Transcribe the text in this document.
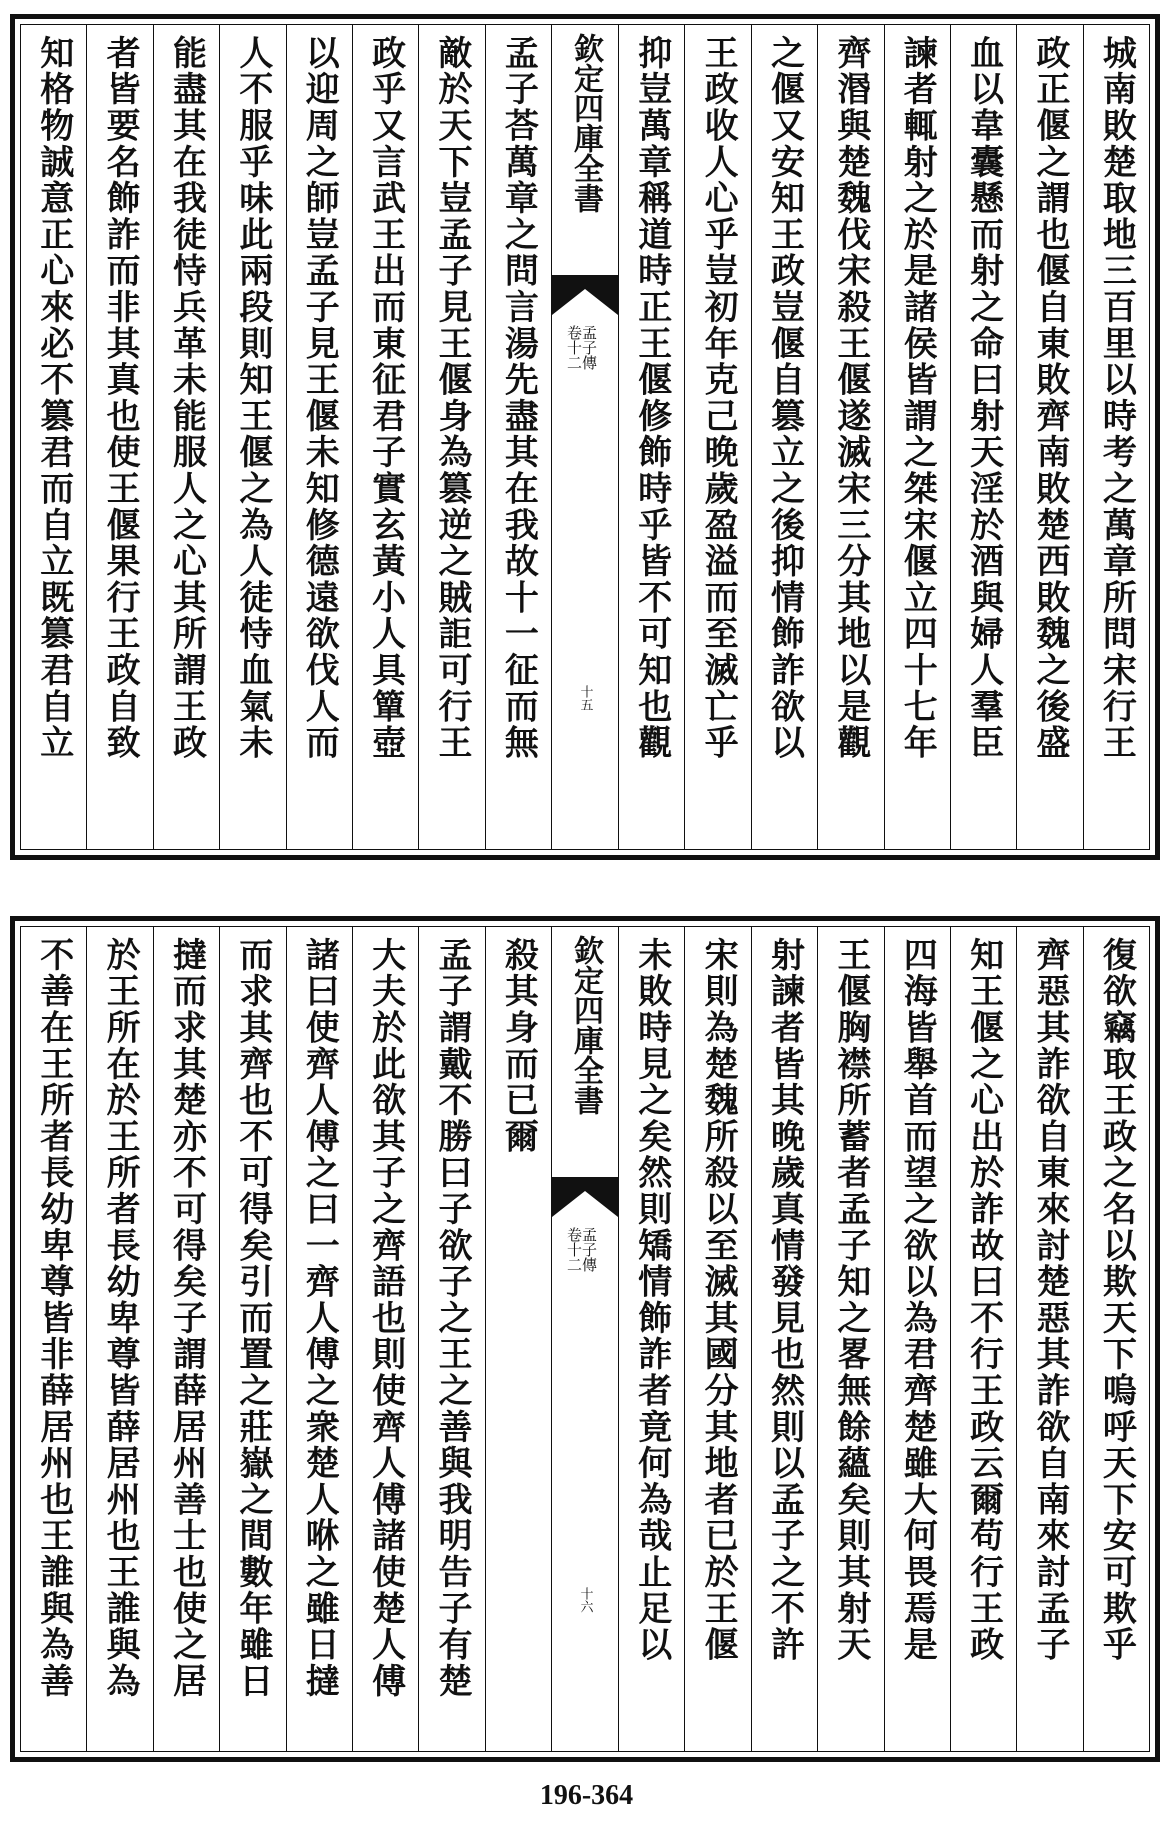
城南敗楚取地三百里以時考之萬章所問宋行王
政正偃之謂也偃自東敗齊南敗楚西敗魏之後盛
血以韋囊懸而射之命曰射天淫於酒與婦人羣臣
諫者輒射之於是諸侯皆謂之桀宋偃立四十七年
齊湣與楚魏伐宋殺王偃遂滅宋三分其地以是觀
之偃又安知王政豈偃自篡立之後抑情飾詐欲以
王政收人心乎豈初年克己晚歲盈溢而至滅亡乎
抑豈萬章稱道時正王偃修飾時乎皆不可知也觀
欽定四庫全書
孟子傳
卷十二
十五
孟子荅萬章之問言湯先盡其在我故十一征而無
敵於天下豈孟子見王偃身為篡逆之賊詎可行王
政乎又言武王出而東征君子實玄黃小人具簞壺
以迎周之師豈孟子見王偃未知修德遠欲伐人而
人不服乎味此兩段則知王偃之為人徒恃血氣未
能盡其在我徒恃兵革未能服人之心其所謂王政
者皆要名飾詐而非其真也使王偃果行王政自致
知格物誠意正心來必不篡君而自立既篡君自立
復欲竊取王政之名以欺天下嗚呼天下安可欺乎
齊惡其詐欲自東來討楚惡其詐欲自南來討孟子
知王偃之心出於詐故曰不行王政云爾苟行王政
四海皆舉首而望之欲以為君齊楚雖大何畏焉是
王偃胸襟所蓄者孟子知之畧無餘蘊矣則其射天
射諫者皆其晚歲真情發見也然則以孟子之不許
宋則為楚魏所殺以至滅其國分其地者已於王偃
未敗時見之矣然則矯情飾詐者竟何為哉止足以
欽定四庫全書
孟子傳
卷十二
十六
殺其身而已爾
孟子謂戴不勝曰子欲子之王之善與我明告子有楚
大夫於此欲其子之齊語也則使齊人傅諸使楚人傅
諸曰使齊人傅之曰一齊人傅之衆楚人咻之雖日撻
而求其齊也不可得矣引而置之莊嶽之間數年雖日
撻而求其楚亦不可得矣子謂薛居州善士也使之居
於王所在於王所者長幼卑尊皆薛居州也王誰與為
不善在王所者長幼卑尊皆非薛居州也王誰與為善
196-364
